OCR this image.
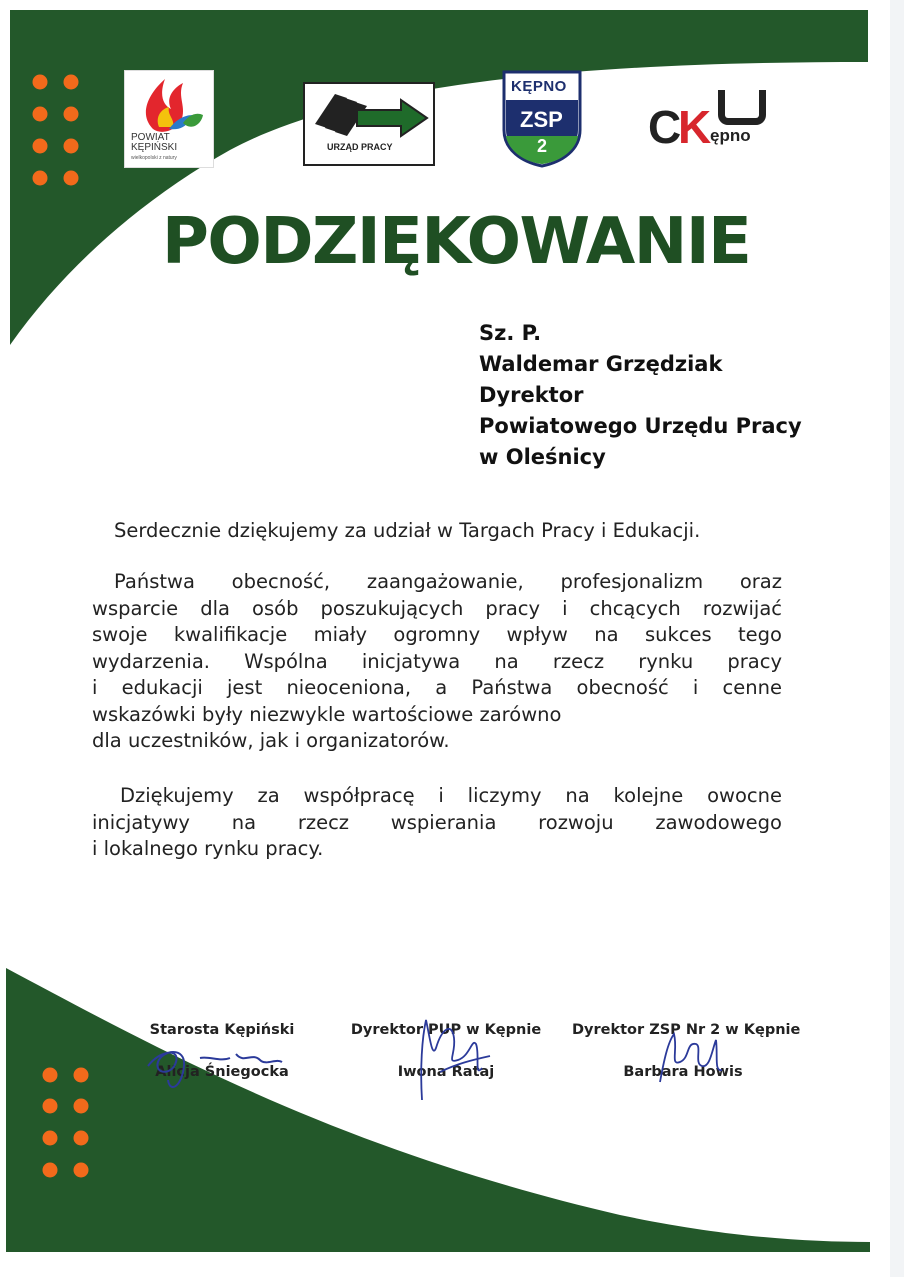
POWIAT
KĘPIŃSKI
wielkopolski z natury
URZĄD PRACY	2
KĘPNO
ZSP C
K
ępno
PODZIĘKOWANIE
Sz. P.
Waldemar Grzędziak
Dyrektor
Powiatowego Urzędu Pracy
w Oleśnicy
Serdecznie dziękujemy za udział w Targach Pracy i Edukacji.
Państwa obecność, zaangażowanie, profesjonalizm oraz
wsparcie dla osób poszukujących pracy i chcących rozwijać
swoje kwalifikacje miały ogromny wpływ na sukces tego
wydarzenia. Wspólna inicjatywa na rzecz rynku pracy
i edukacji jest nieoceniona, a Państwa obecność i cenne
wskazówki były niezwykle wartościowe zarówno
dla uczestników, jak i organizatorów.
Dziękujemy za współpracę i liczymy na kolejne owocne
inicjatywy na rzecz wspierania rozwoju zawodowego
i lokalnego rynku pracy.
Starosta Kępiński
Alicja Śniegocka
Dyrektor PUP w Kępnie
Iwona Rataj
Dyrektor ZSP Nr 2 w Kępnie
Barbara Howis
